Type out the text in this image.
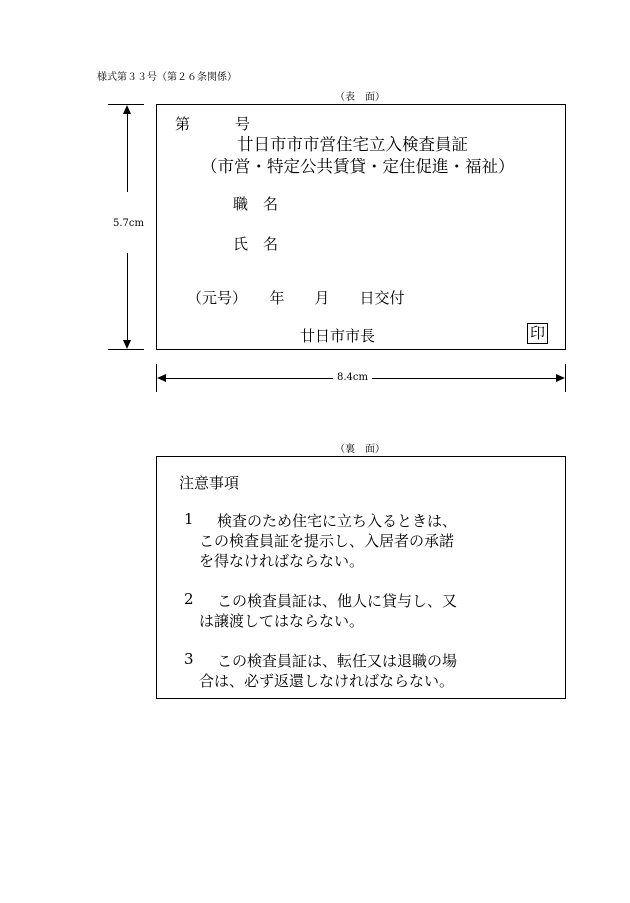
様式第３３号（第２６条関係）
（表　面）
第　　　号
廿日市市市営住宅立入検査員証
（市営・特定公共賃貸・定住促進・福祉）
職　名
氏　名
（元号）　　年　　月　　日交付
廿日市市長	印
5.7cm
8.4cm
（裏　面）
注意事項
1 検査のため住宅に立ち入るときは、
この検査員証を提示し、入居者の承諾
を得なければならない。
2 この検査員証は、他人に貸与し、又
は譲渡してはならない。
3 この検査員証は、転任又は退職の場
合は、必ず返還しなければならない。
